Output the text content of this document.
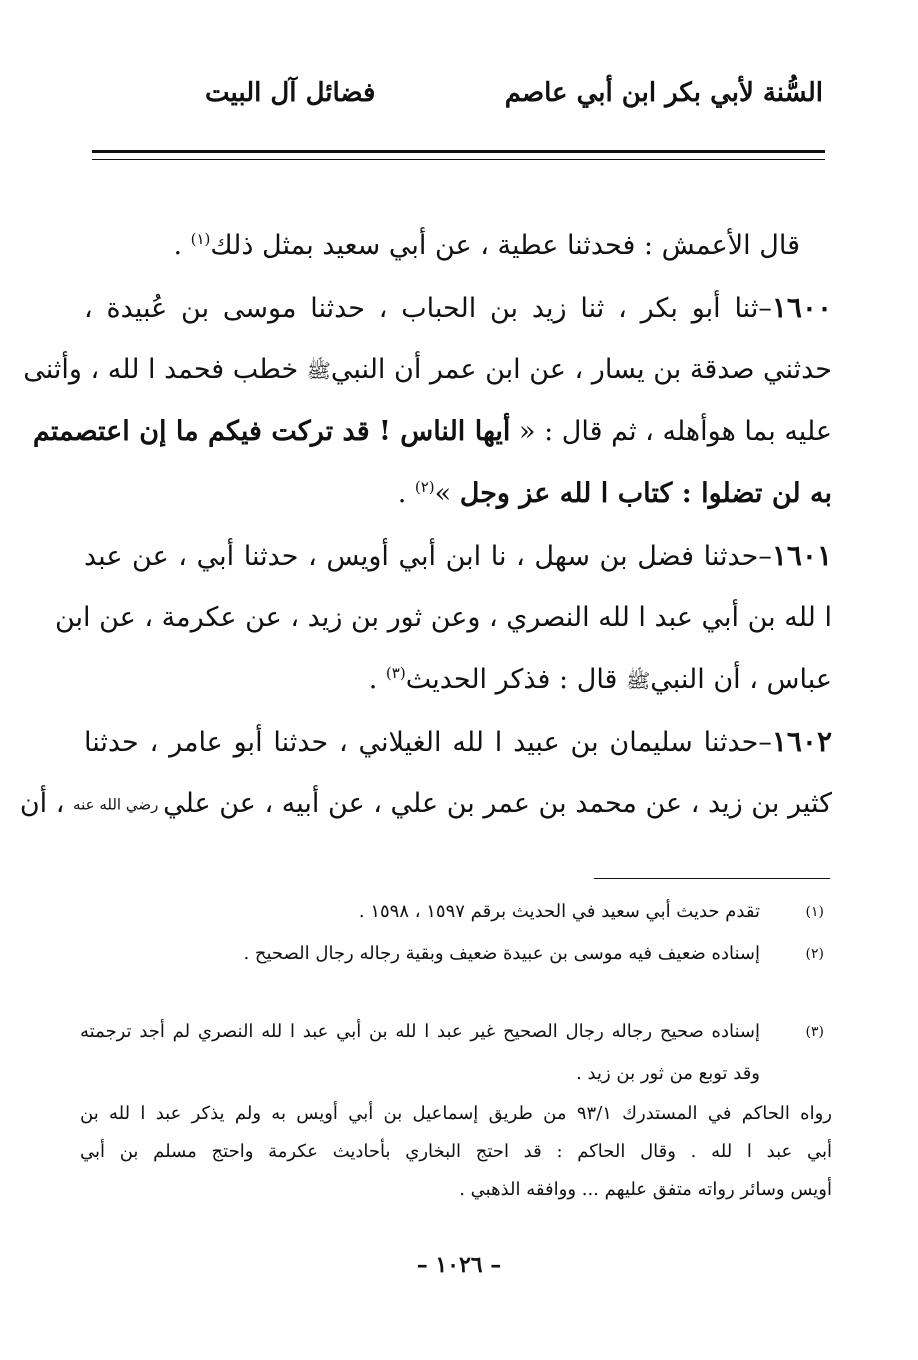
السُّنة لأبي بكر ابن أبي عاصم
فضائل آل البيت
قال الأعمش : فحدثنا عطية ، عن أبي سعيد بمثل ذلك$^{(١)}$ .
١٦٠٠–ثنا أبو بكر ، ثنا زيد بن الحباب ، حدثنا موسى بن عُبيدة ،
حدثني صدقة بن يسار ، عن ابن عمر أن النبيﷺ خطب فحمد ا لله ، وأثنى
عليه بما هوأهله ، ثم قال : « أيها الناس ! قد تركت فيكم ما إن اعتصمتم
به لن تضلوا : كتاب ا لله عز وجل »$^{(٢)}$ .
١٦٠١–حدثنا فضل بن سهل ، نا ابن أبي أويس ، حدثنا أبي ، عن عبد
ا لله بن أبي عبد ا لله النصري ، وعن ثور بن زيد ، عن عكرمة ، عن ابن
عباس ، أن النبيﷺ قال : فذكر الحديث$^{(٣)}$ .
١٦٠٢–حدثنا سليمان بن عبيد ا لله الغيلاني ، حدثنا أبو عامر ، حدثنا
كثير بن زيد ، عن محمد بن عمر بن علي ، عن أبيه ، عن علي رضي الله عنه ، أن
(١)
تقدم حديث أبي سعيد في الحديث برقم ١٥٩٧ ، ١٥٩٨ .
(٢)
إسناده ضعيف فيه موسى بن عبيدة ضعيف وبقية رجاله رجال الصحيح .
(٣)
إسناده صحيح رجاله رجال الصحيح غير عبد ا لله بن أبي عبد ا لله النصري لم أجد ترجمته
وقد توبع من ثور بن زيد .
رواه الحاكم في المستدرك ٩٣/١ من طريق إسماعيل بن أبي أويس به ولم يذكر عبد ا لله بن
أبي عبد ا لله . وقال الحاكم : قد احتج البخاري بأحاديث عكرمة واحتج مسلم بن أبي
أويس وسائر رواته متفق عليهم ... ووافقه الذهبي .
– ١٠٢٦ –
